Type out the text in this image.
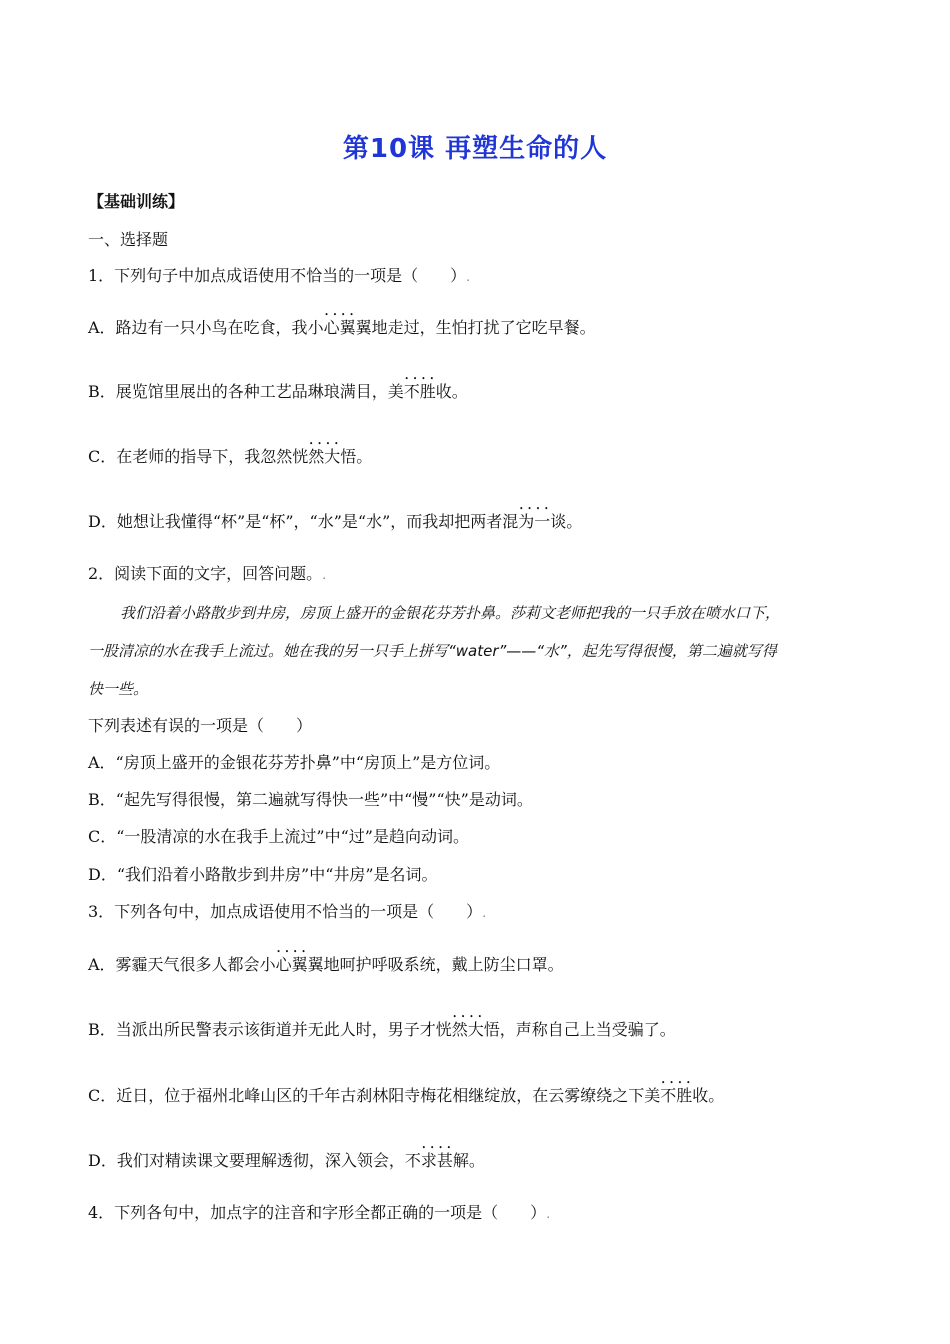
第10课 再塑生命的人
【基础训练】
一、选择题
1．下列句子中加点成语使用不恰当的一项是（　　）.
A．路边有一只小鸟在吃食，我• • • • 小心翼翼地走过，生怕打扰了它吃早餐。
B．展览馆里展出的各种工艺品琳琅满目，• • • • 美不胜收。
C．在老师的指导下，我忽然• • • • 恍然大悟。
D．她想让我懂得“杯”是“杯”，“水”是“水”，而我却把两者• • • • 混为一谈。
2．阅读下面的文字，回答问题。.
我们沿着小路散步到井房，房顶上盛开的金银花芬芳扑鼻。莎莉文老师把我的一只手放在喷水口下，
一股清凉的水在我手上流过。她在我的另一只手上拼写“water”——“水”，起先写得很慢，第二遍就写得
快一些。
下列表述有误的一项是（　　）
A．“房顶上盛开的金银花芬芳扑鼻”中“房顶上”是方位词。
B．“起先写得很慢，第二遍就写得快一些”中“慢”“快”是动词。
C．“一股清凉的水在我手上流过”中“过”是趋向动词。
D．“我们沿着小路散步到井房”中“井房”是名词。
3．下列各句中，加点成语使用不恰当的一项是（　　）.
A．雾霾天气很多人都会• • • • 小心翼翼地呵护呼吸系统，戴上防尘口罩。
B．当派出所民警表示该街道并无此人时，男子才• • • • 恍然大悟，声称自己上当受骗了。
C．近日，位于福州北峰山区的千年古刹林阳寺梅花相继绽放，在云雾缭绕之下• • • • 美不胜收。
D．我们对精读课文要理解透彻，深入领会，• • • • 不求甚解。
4．下列各句中，加点字的注音和字形全都正确的一项是（　　）.
